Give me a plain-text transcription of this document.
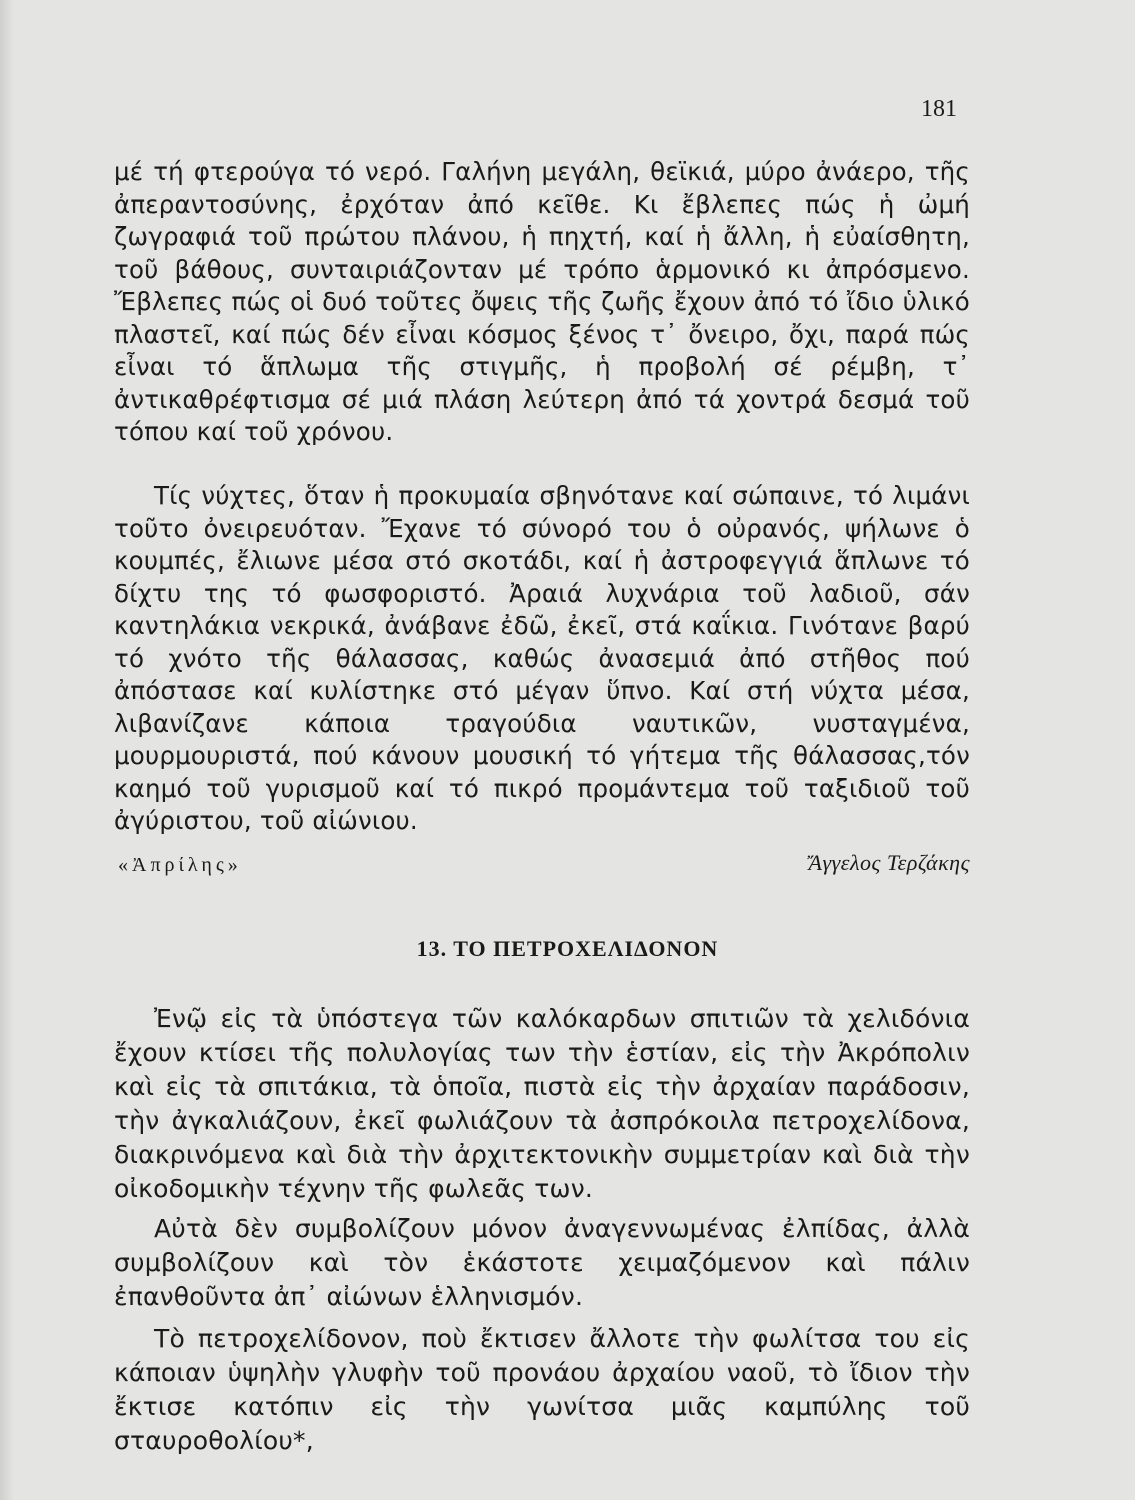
181

μέ τή φτερούγα τό νερό. Γαλήνη μεγάλη, θεϊκιά, μύρο ἀνάερο, τῆς ἀπεραντοσύνης, ἐρχόταν ἀπό κεῖθε. Κι ἔβλεπες πώς ἡ ὠμή ζωγραφιά τοῦ πρώτου πλάνου, ἡ πηχτή, καί ἡ ἄλλη, ἡ εὐαίσθητη, τοῦ βάθους, συνταιριάζονταν μέ τρόπο ἁρμονικό κι ἀπρόσμενο. Ἔβλεπες πώς οἱ δυό τοῦτες ὄψεις τῆς ζωῆς ἔχουν ἀπό τό ἴδιο ὑλικό πλαστεῖ, καί πώς δέν εἶναι κόσμος ξένος τ᾽ ὄνειρο, ὄχι, παρά πώς εἶναι τό ἅπλωμα τῆς στιγμῆς, ἡ προβολή σέ ρέμβη, τ᾽ ἀντικαθρέφτισμα σέ μιά πλάση λεύτερη ἀπό τά χοντρά δεσμά τοῦ τόπου καί τοῦ χρόνου.

Τίς νύχτες, ὅταν ἡ προκυμαία σβηνότανε καί σώπαινε, τό λιμάνι τοῦτο ὀνειρευόταν. Ἔχανε τό σύνορό του ὁ οὐρανός, ψήλωνε ὁ κουμπές, ἔλιωνε μέσα στό σκοτάδι, καί ἡ ἀστροφεγγιά ἅπλωνε τό δίχτυ της τό φωσφοριστό. Ἀραιά λυχνάρια τοῦ λαδιοῦ, σάν καντηλάκια νεκρικά, ἀνάβανε ἐδῶ, ἐκεῖ, στά καΐκια. Γινότανε βαρύ τό χνότο τῆς θάλασσας, καθώς ἀνασεμιά ἀπό στῆθος πού ἀπόστασε καί κυλίστηκε στό μέγαν ὕπνο. Καί στή νύχτα μέσα, λιβανίζανε κάποια τραγούδια ναυτικῶν, νυσταγμένα, μουρμουριστά, πού κάνουν μουσική τό γήτεμα τῆς θάλασσας,τόν καημό τοῦ γυρισμοῦ καί τό πικρό προμάντεμα τοῦ ταξιδιοῦ τοῦ ἀγύριστου, τοῦ αἰώνιου.

«Ἀπρίλης»	Ἄγγελος Τερζάκης
13. ΤΟ ΠΕΤΡΟΧΕΛΙΔΟΝΟΝ

Ἐνῷ εἰς τὰ ὑπόστεγα τῶν καλόκαρδων σπιτιῶν τὰ χελιδόνια ἔχουν κτίσει τῆς πολυλογίας των τὴν ἑστίαν, εἰς τὴν Ἀκρόπολιν καὶ εἰς τὰ σπιτάκια, τὰ ὁποῖα, πιστὰ εἰς τὴν ἀρχαίαν παράδοσιν, τὴν ἀγκαλιάζουν, ἐκεῖ φωλιάζουν τὰ ἀσπρόκοιλα πετροχελίδονα, διακρινόμενα καὶ διὰ τὴν ἀρχιτεκτονικὴν συμμετρίαν καὶ διὰ τὴν οἰκοδομικὴν τέχνην τῆς φωλεᾶς των.

Αὐτὰ δὲν συμβολίζουν μόνον ἀναγεννωμένας ἐλπίδας, ἀλλὰ συμβολίζουν καὶ τὸν ἑκάστοτε χειμαζόμενον καὶ πάλιν ἐπανθοῦντα ἀπ᾽ αἰώνων ἑλληνισμόν.

Τὸ πετροχελίδονον, ποὺ ἔκτισεν ἄλλοτε τὴν φωλίτσα του εἰς κάποιαν ὑψηλὴν γλυφὴν τοῦ προνάου ἀρχαίου ναοῦ, τὸ ἴδιον τὴν ἔκτισε κατόπιν εἰς τὴν γωνίτσα μιᾶς καμπύλης τοῦ σταυροθολίου*,
